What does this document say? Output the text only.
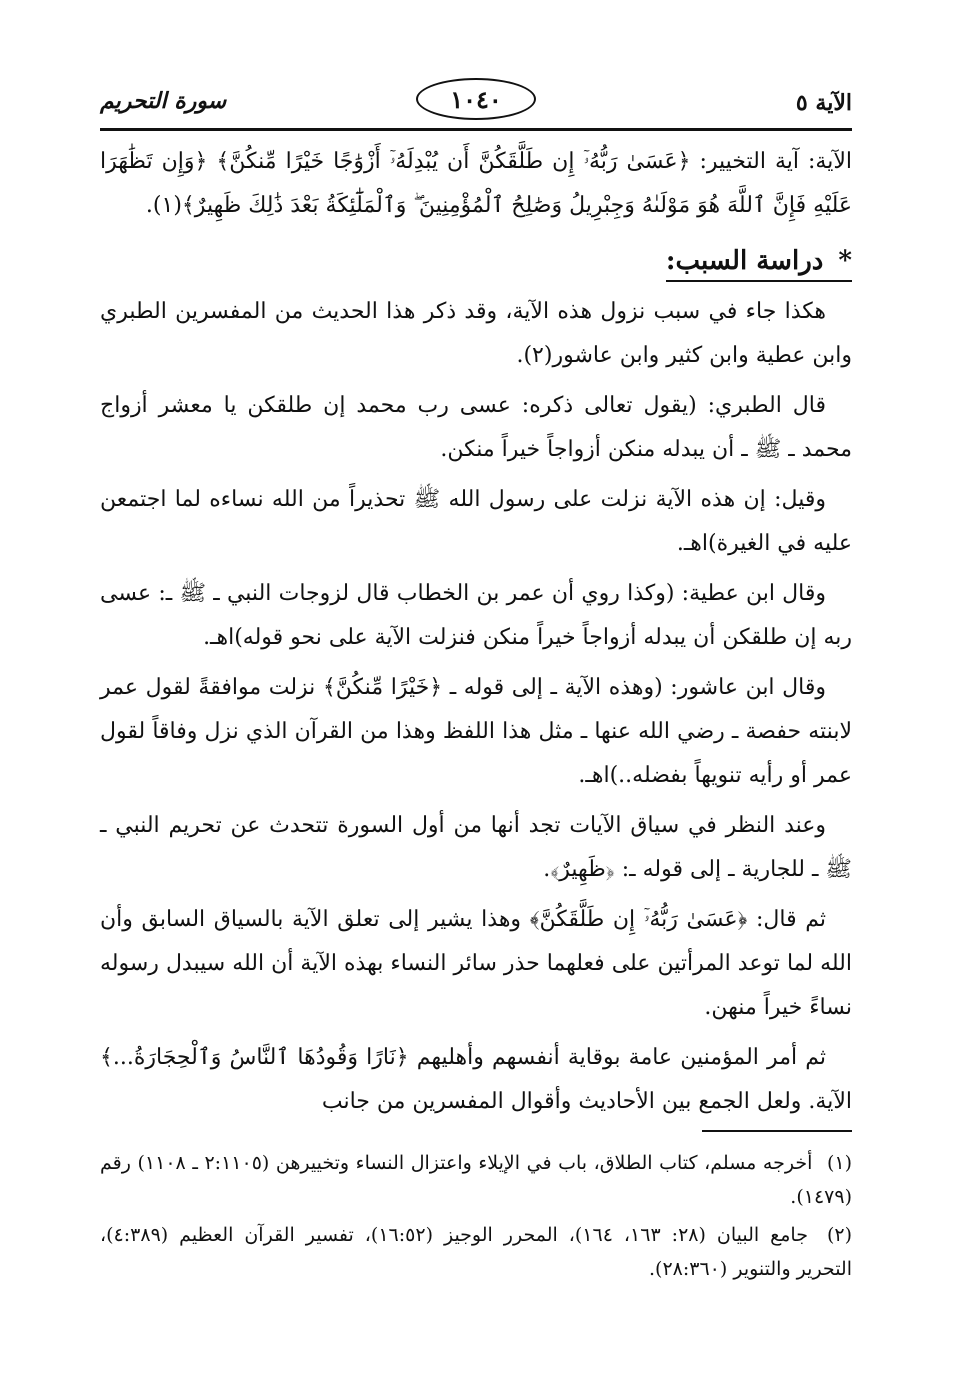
الآية ٥
١٠٤٠
سورة التحريم

الآية: آية التخيير: ﴿عَسَىٰ رَبُّهُۥٓ إِن طَلَّقَكُنَّ أَن يُبْدِلَهُۥٓ أَزْوَٰجًا خَيْرًا مِّنكُنَّ﴾ ﴿وَإِن تَظَٰهَرَا عَلَيْهِ فَإِنَّ ٱللَّهَ هُوَ مَوْلَىٰهُ وَجِبْرِيلُ وَصَٰلِحُ ٱلْمُؤْمِنِينَ ۖ وَٱلْمَلَٰٓئِكَةُ بَعْدَ ذَٰلِكَ ظَهِيرٌ﴾(١).

* دراسة السبب:

هكذا جاء في سبب نزول هذه الآية، وقد ذكر هذا الحديث من المفسرين الطبري وابن عطية وابن كثير وابن عاشور(٢).

قال الطبري: (يقول تعالى ذكره: عسى رب محمد إن طلقكن يا معشر أزواج محمد ـ ﷺ ـ أن يبدله منكن أزواجاً خيراً منكن.

وقيل: إن هذه الآية نزلت على رسول الله ﷺ تحذيراً من الله نساءه لما اجتمعن عليه في الغيرة)اهـ.

وقال ابن عطية: (وكذا روي أن عمر بن الخطاب قال لزوجات النبي ـ ﷺ ـ: عسى ربه إن طلقكن أن يبدله أزواجاً خيراً منكن فنزلت الآية على نحو قوله)اهـ.

وقال ابن عاشور: (وهذه الآية ـ إلى قوله ـ ﴿خَيْرًا مِّنكُنَّ﴾ نزلت موافقةً لقول عمر لابنته حفصة ـ رضي الله عنها ـ مثل هذا اللفظ وهذا من القرآن الذي نزل وفاقاً لقول عمر أو رأيه تنويهاً بفضله..)اهـ.

وعند النظر في سياق الآيات تجد أنها من أول السورة تتحدث عن تحريم النبي ـ ﷺ ـ للجارية ـ إلى قوله ـ: ﴿ظَهِيرٌ﴾.

ثم قال: ﴿عَسَىٰ رَبُّهُۥٓ إِن طَلَّقَكُنَّ﴾ وهذا يشير إلى تعلق الآية بالسياق السابق وأن الله لما توعد المرأتين على فعلهما حذر سائر النساء بهذه الآية أن الله سيبدل رسوله نساءً خيراً منهن.

ثم أمر المؤمنين عامة بوقاية أنفسهم وأهليهم ﴿نَارًا وَقُودُهَا ٱلنَّاسُ وَٱلْحِجَارَةُ...﴾ الآية. ولعل الجمع بين الأحاديث وأقوال المفسرين من جانب

(١) أخرجه مسلم، كتاب الطلاق، باب في الإيلاء واعتزال النساء وتخييرهن (٢:١١٠٥ ـ ١١٠٨) رقم (١٤٧٩).

(٢) جامع البيان (٢٨: ١٦٣، ١٦٤)، المحرر الوجيز (١٦:٥٢)، تفسير القرآن العظيم (٤:٣٨٩)، التحرير والتنوير (٢٨:٣٦٠).
